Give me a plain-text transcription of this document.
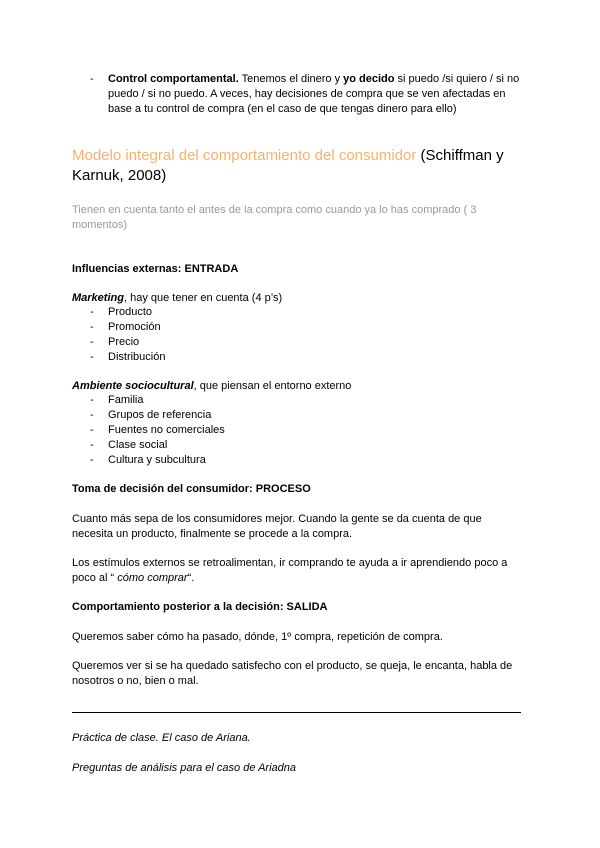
- Control comportamental. Tenemos el dinero y yo decido si puedo /si quiero / si no

puedo / si no puedo. A veces, hay decisiones de compra que se ven afectadas en

base a tu control de compra (en el caso de que tengas dinero para ello)

Modelo integral del comportamiento del consumidor (Schiffman y

Karnuk, 2008)

Tienen en cuenta tanto el antes de la compra como cuando ya lo has comprado ( 3

momentos)

Influencias externas: ENTRADA

Marketing, hay que tener en cuenta (4 p’s)

- Producto

- Promoción

- Precio

- Distribución

Ambiente sociocultural, que piensan el entorno externo

- Familia

- Grupos de referencia

- Fuentes no comerciales

- Clase social

- Cultura y subcultura

Toma de decisión del consumidor: PROCESO

Cuanto más sepa de los consumidores mejor. Cuando la gente se da cuenta de que

necesita un producto, finalmente se procede a la compra.

Los estímulos externos se retroalimentan, ir comprando te ayuda a ir aprendiendo poco a

poco al “ cómo comprar“.

Comportamiento posterior a la decisión: SALIDA

Queremos saber cómo ha pasado, dónde, 1º compra, repetición de compra.

Queremos ver si se ha quedado satisfecho con el producto, se queja, le encanta, habla de

nosotros o no, bien o mal.

Práctica de clase. El caso de Ariana.

Preguntas de análisis para el caso de Ariadna
